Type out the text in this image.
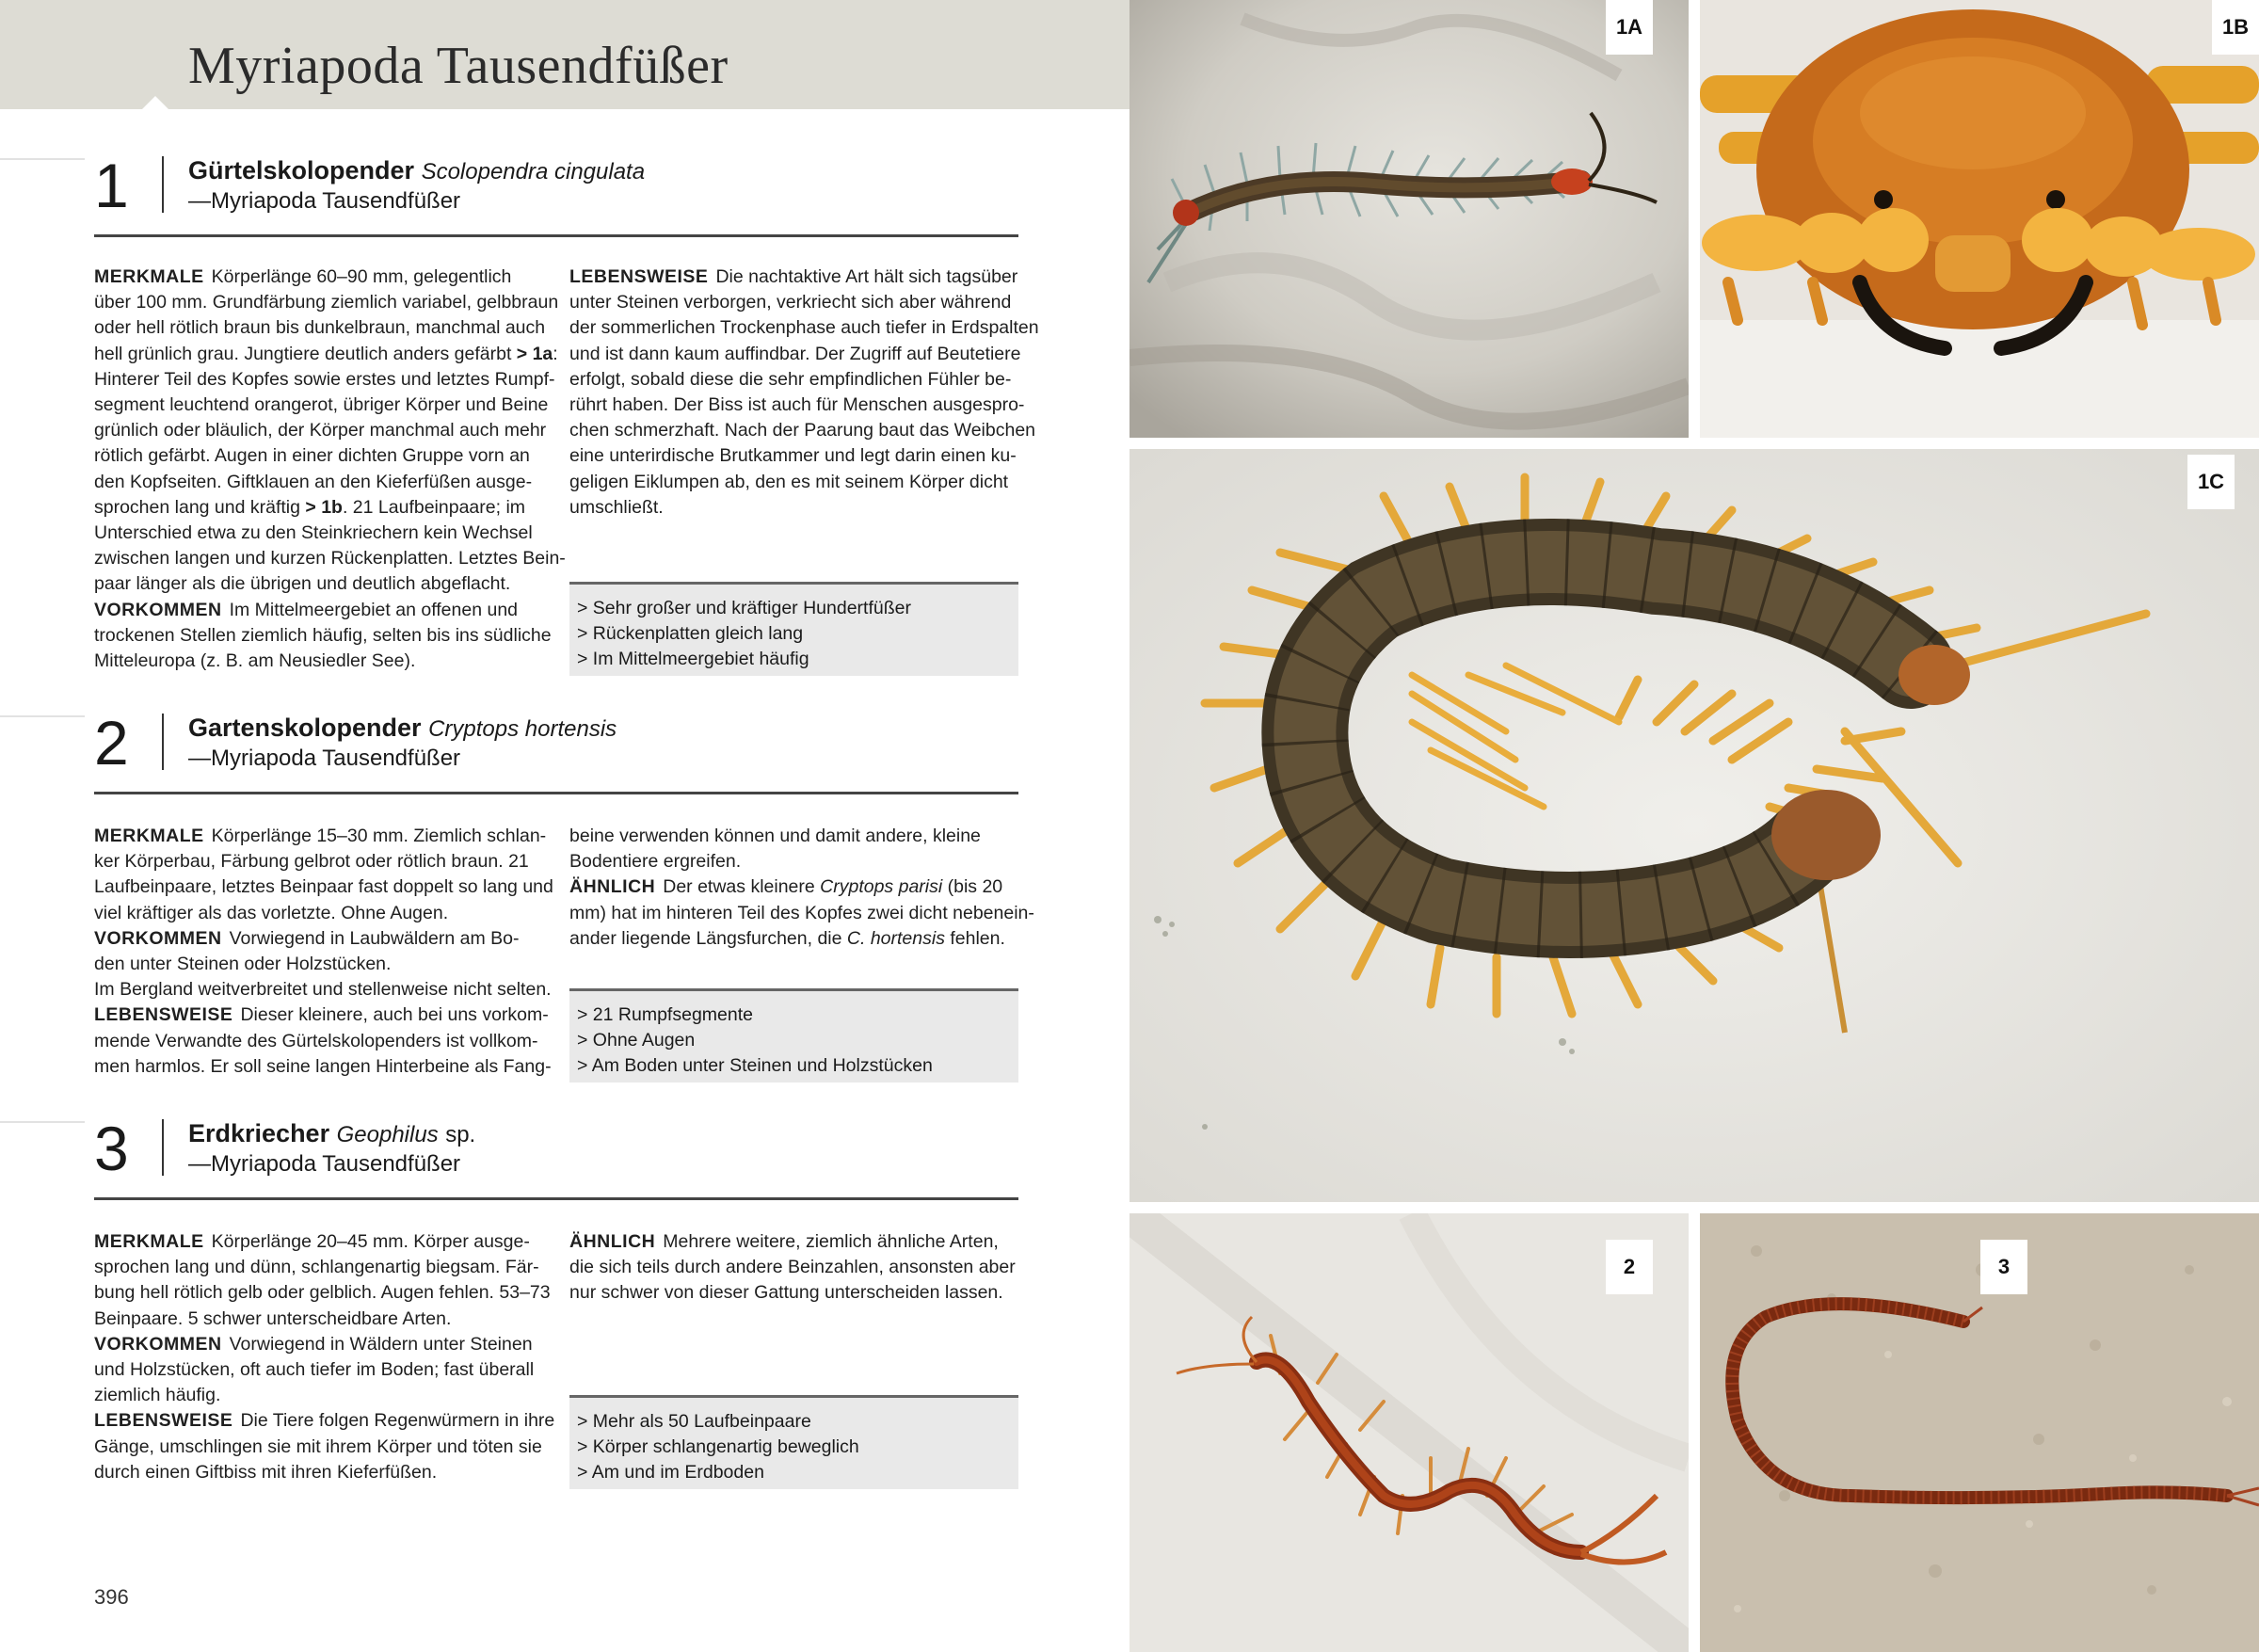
Myriapoda Tausendfüßer
1 Gürtelskolopender Scolopendra cingulata
—Myriapoda Tausendfüßer

MERKMALE Körperlänge 60–90 mm, gelegentlich

über 100 mm. Grundfärbung ziemlich variabel, gelbbraun

oder hell rötlich braun bis dunkelbraun, manchmal auch

hell grünlich grau. Jungtiere deutlich anders gefärbt > 1a:

Hinterer Teil des Kopfes sowie erstes und letztes Rumpf-

segment leuchtend orangerot, übriger Körper und Beine

grünlich oder bläulich, der Körper manchmal auch mehr

rötlich gefärbt. Augen in einer dichten Gruppe vorn an

den Kopfseiten. Giftklauen an den Kieferfüßen ausge-

sprochen lang und kräftig > 1b. 21 Laufbeinpaare; im

Unterschied etwa zu den Steinkriechern kein Wechsel

zwischen langen und kurzen Rückenplatten. Letztes Bein-

paar länger als die übrigen und deutlich abgeflacht.

VORKOMMEN Im Mittelmeergebiet an offenen und

trockenen Stellen ziemlich häufig, selten bis ins südliche

Mitteleuropa (z. B. am Neusiedler See).

LEBENSWEISE Die nachtaktive Art hält sich tagsüber

unter Steinen verborgen, verkriecht sich aber während

der sommerlichen Trockenphase auch tiefer in Erdspalten

und ist dann kaum auffindbar. Der Zugriff auf Beutetiere

erfolgt, sobald diese die sehr empfindlichen Fühler be-

rührt haben. Der Biss ist auch für Menschen ausgespro-

chen schmerzhaft. Nach der Paarung baut das Weibchen

eine unterirdische Brutkammer und legt darin einen ku-

geligen Eiklumpen ab, den es mit seinem Körper dicht

umschließt.

> Sehr großer und kräftiger Hundertfüßer
> Rückenplatten gleich lang
> Im Mittelmeergebiet häufig
2 Gartenskolopender Cryptops hortensis
—Myriapoda Tausendfüßer

MERKMALE Körperlänge 15–30 mm. Ziemlich schlan-

ker Körperbau, Färbung gelbrot oder rötlich braun. 21

Laufbeinpaare, letztes Beinpaar fast doppelt so lang und

viel kräftiger als das vorletzte. Ohne Augen.

VORKOMMEN Vorwiegend in Laubwäldern am Bo-

den unter Steinen oder Holzstücken.

Im Bergland weitverbreitet und stellenweise nicht selten.

LEBENSWEISE Dieser kleinere, auch bei uns vorkom-

mende Verwandte des Gürtelskolopenders ist vollkom-

men harmlos. Er soll seine langen Hinterbeine als Fang-

beine verwenden können und damit andere, kleine

Bodentiere ergreifen.

ÄHNLICH Der etwas kleinere Cryptops parisi (bis 20

mm) hat im hinteren Teil des Kopfes zwei dicht nebenein-

ander liegende Längsfurchen, die C. hortensis fehlen.

> 21 Rumpfsegmente
> Ohne Augen
> Am Boden unter Steinen und Holzstücken
3 Erdkriecher Geophilus sp.
—Myriapoda Tausendfüßer

MERKMALE Körperlänge 20–45 mm. Körper ausge-

sprochen lang und dünn, schlangenartig biegsam. Fär-

bung hell rötlich gelb oder gelblich. Augen fehlen. 53–73

Beinpaare. 5 schwer unterscheidbare Arten.

VORKOMMEN Vorwiegend in Wäldern unter Steinen

und Holzstücken, oft auch tiefer im Boden; fast überall

ziemlich häufig.

LEBENSWEISE Die Tiere folgen Regenwürmern in ihre

Gänge, umschlingen sie mit ihrem Körper und töten sie

durch einen Giftbiss mit ihren Kieferfüßen.

ÄHNLICH Mehrere weitere, ziemlich ähnliche Arten,

die sich teils durch andere Beinzahlen, ansonsten aber

nur schwer von dieser Gattung unterscheiden lassen.

> Mehr als 50 Laufbeinpaare
> Körper schlangenartig beweglich
> Am und im Erdboden
396
1A	1B
1C
2	3
